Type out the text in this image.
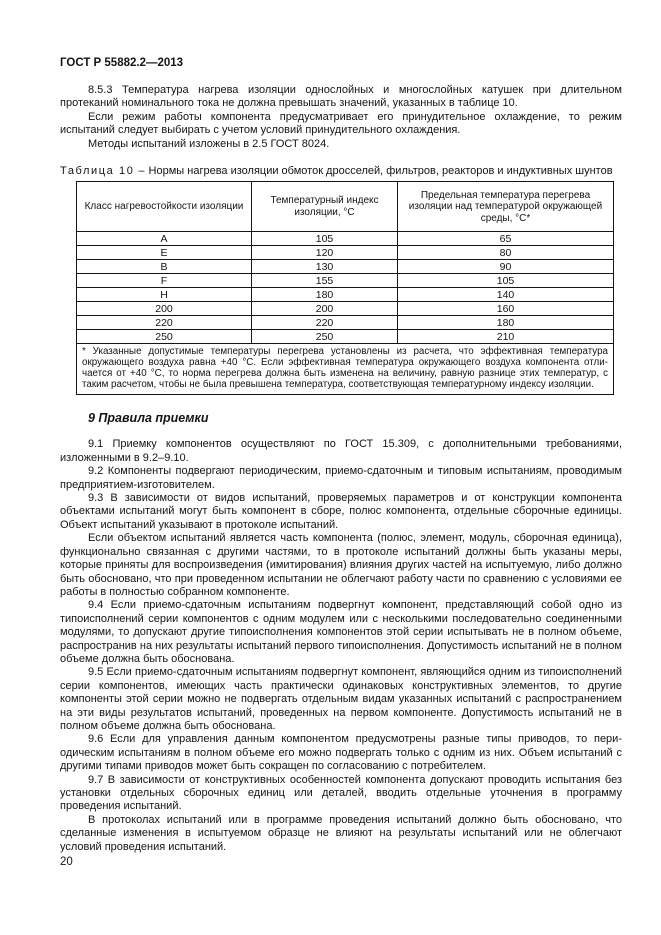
ГОСТ Р 55882.2—2013

8.5.3 Температура нагрева изоляции однослойных и многослойных катушек при длительном протеканий номинального тока не должна превышать значений, указанных в таблице 10.

Если режим работы компонента предусматривает его принудительное охлаждение, то режим испытаний следует выбирать с учетом условий принудительного охлаждения.

Методы испытаний изложены в 2.5 ГОСТ 8024.

Таблица 10 – Нормы нагрева изоляции обмоток дросселей, фильтров, реакторов и индуктивных шунтов

Класс нагревостойкости изоляции	Температурный индекс изоляции, °С	Предельная температура перегрева изоляции над температурой окружающей среды, °С*
A	105	65
E	120	80
B	130	90
F	155	105
H	180	140
200	200	160
220	220	180
250	250	210
* Указанные допустимые температуры перегрева установлены из расчета, что эффективная температура окружающего воздуха равна +40 °С. Если эффективная температура окружающего воздуха компонента отличается от +40 °С, то норма перегрева должна быть изменена на величину, равную разнице этих температур, с таким расчетом, чтобы не была превышена температура, соответствующая температурному индексу изоляции.		
9 Правила приемки

9.1 Приемку компонентов осуществляют по ГОСТ 15.309, с дополнительными требованиями, изложенными в 9.2–9.10.

9.2 Компоненты подвергают периодическим, приемо-сдаточным и типовым испытаниям, проводимым предприятием-изготовителем.

9.3 В зависимости от видов испытаний, проверяемых параметров и от конструкции компонента объектами испытаний могут быть компонент в сборе, полюс компонента, отдельные сборочные единицы. Объект испытаний указывают в протоколе испытаний.

Если объектом испытаний является часть компонента (полюс, элемент, модуль, сборочная единица), функционально связанная с другими частями, то в протоколе испытаний должны быть указаны меры, которые приняты для воспроизведения (имитирования) влияния других частей на испытуемую, либо должно быть обосновано, что при проведенном испытании не облегчают работу части по сравнению с условиями ее работы в полностью собранном компоненте.

9.4 Если приемо-сдаточным испытаниям подвергнут компонент, представляющий собой одно из типоисполнений серии компонентов с одним модулем или с несколькими последовательно соединенными модулями, то допускают другие типоисполнения компонентов этой серии испытывать не в полном объеме, распространив на них результаты испытаний первого типоисполнения. Допустимость испытаний не в полном объеме должна быть обоснована.

9.5 Если приемо-сдаточным испытаниям подвергнут компонент, являющийся одним из типоисполнений серии компонентов, имеющих часть практически одинаковых конструктивных элементов, то другие компоненты этой серии можно не подвергать отдельным видам указанных испытаний с распространением на эти виды результатов испытаний, проведенных на первом компоненте. Допустимость испытаний не в полном объеме должна быть обоснована.

9.6 Если для управления данным компонентом предусмотрены разные типы приводов, то периодическим испытаниям в полном объеме его можно подвергать только с одним из них. Объем испытаний с другими типами приводов может быть сокращен по согласованию с потребителем.

9.7 В зависимости от конструктивных особенностей компонента допускают проводить испытания без установки отдельных сборочных единиц или деталей, вводить отдельные уточнения в программу проведения испытаний.

В протоколах испытаний или в программе проведения испытаний должно быть обосновано, что сделанные изменения в испытуемом образце не влияют на результаты испытаний или не облегчают условий проведения испытаний.

20
